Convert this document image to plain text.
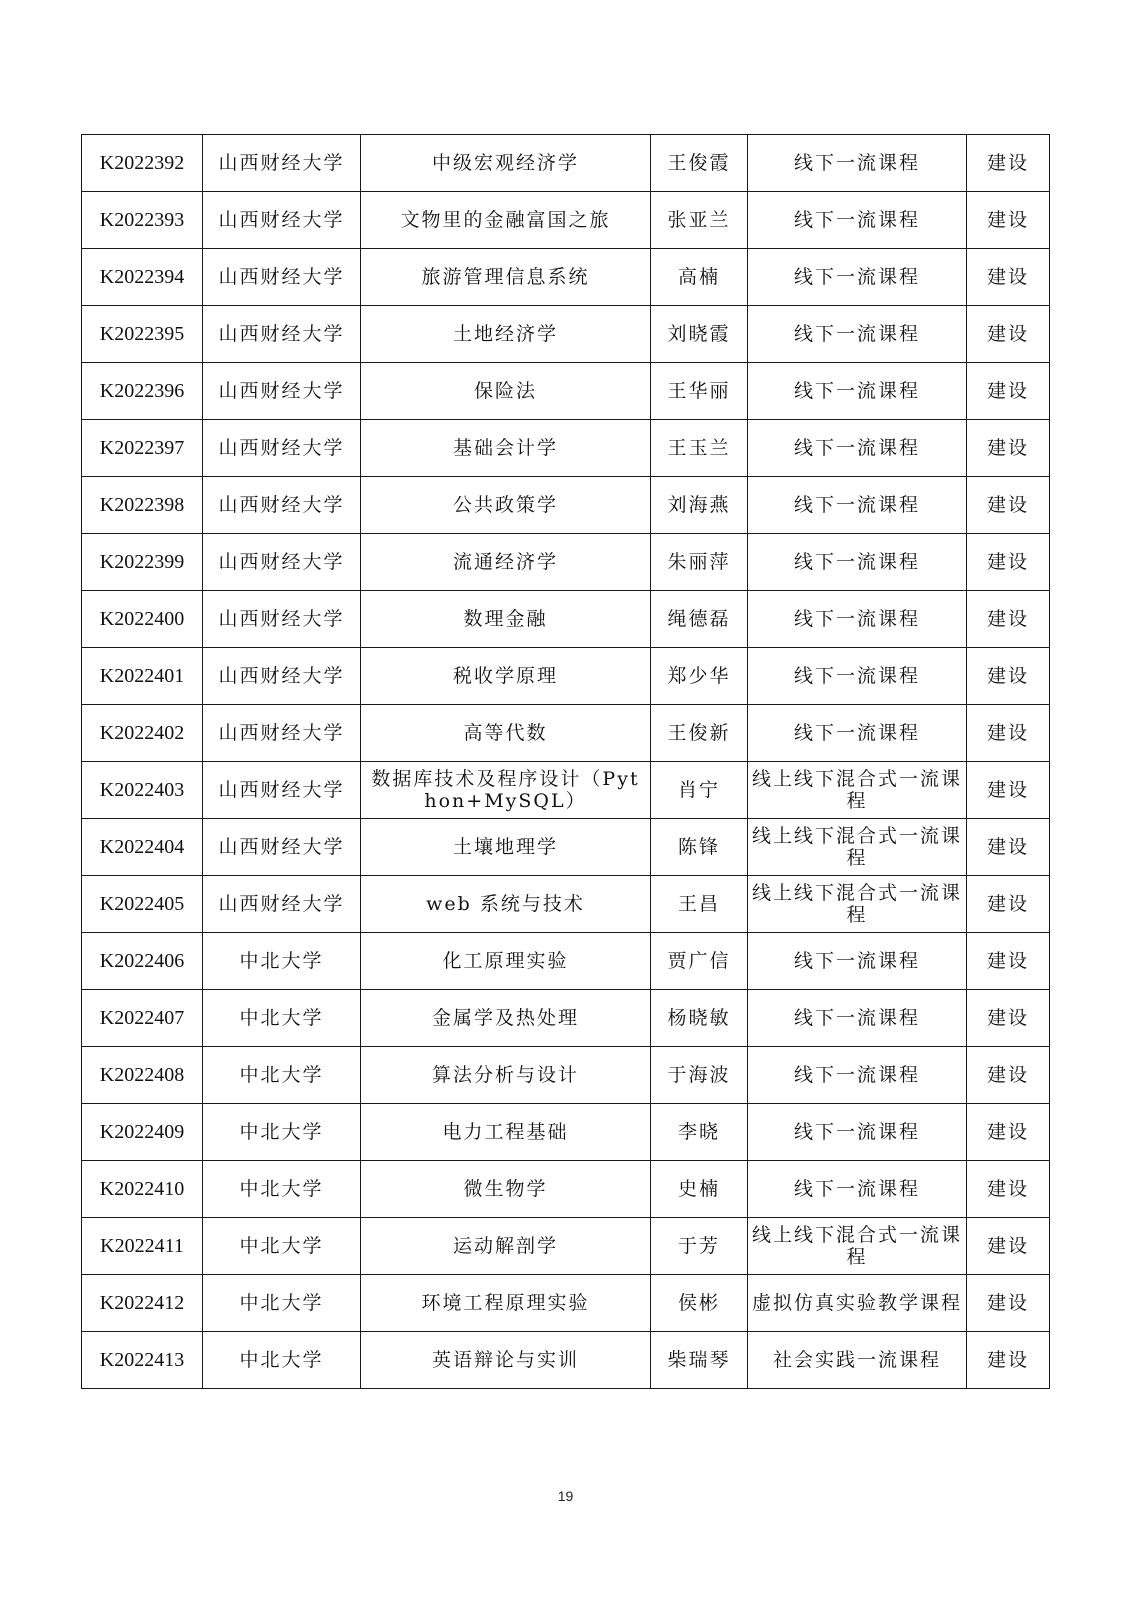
K2022392	山西财经大学	中级宏观经济学	王俊霞	线下一流课程	建设
K2022393	山西财经大学	文物里的金融富国之旅	张亚兰	线下一流课程	建设
K2022394	山西财经大学	旅游管理信息系统	高楠	线下一流课程	建设
K2022395	山西财经大学	土地经济学	刘晓霞	线下一流课程	建设
K2022396	山西财经大学	保险法	王华丽	线下一流课程	建设
K2022397	山西财经大学	基础会计学	王玉兰	线下一流课程	建设
K2022398	山西财经大学	公共政策学	刘海燕	线下一流课程	建设
K2022399	山西财经大学	流通经济学	朱丽萍	线下一流课程	建设
K2022400	山西财经大学	数理金融	绳德磊	线下一流课程	建设
K2022401	山西财经大学	税收学原理	郑少华	线下一流课程	建设
K2022402	山西财经大学	高等代数	王俊新	线下一流课程	建设
K2022403	山西财经大学	数据库技术及程序设计（Python+MySQL）	肖宁	线上线下混合式一流课程	建设
K2022404	山西财经大学	土壤地理学	陈锋	线上线下混合式一流课程	建设
K2022405	山西财经大学	web 系统与技术	王昌	线上线下混合式一流课程	建设
K2022406	中北大学	化工原理实验	贾广信	线下一流课程	建设
K2022407	中北大学	金属学及热处理	杨晓敏	线下一流课程	建设
K2022408	中北大学	算法分析与设计	于海波	线下一流课程	建设
K2022409	中北大学	电力工程基础	李晓	线下一流课程	建设
K2022410	中北大学	微生物学	史楠	线下一流课程	建设
K2022411	中北大学	运动解剖学	于芳	线上线下混合式一流课程	建设
K2022412	中北大学	环境工程原理实验	侯彬	虚拟仿真实验教学课程	建设
K2022413	中北大学	英语辩论与实训	柴瑞琴	社会实践一流课程	建设
19
